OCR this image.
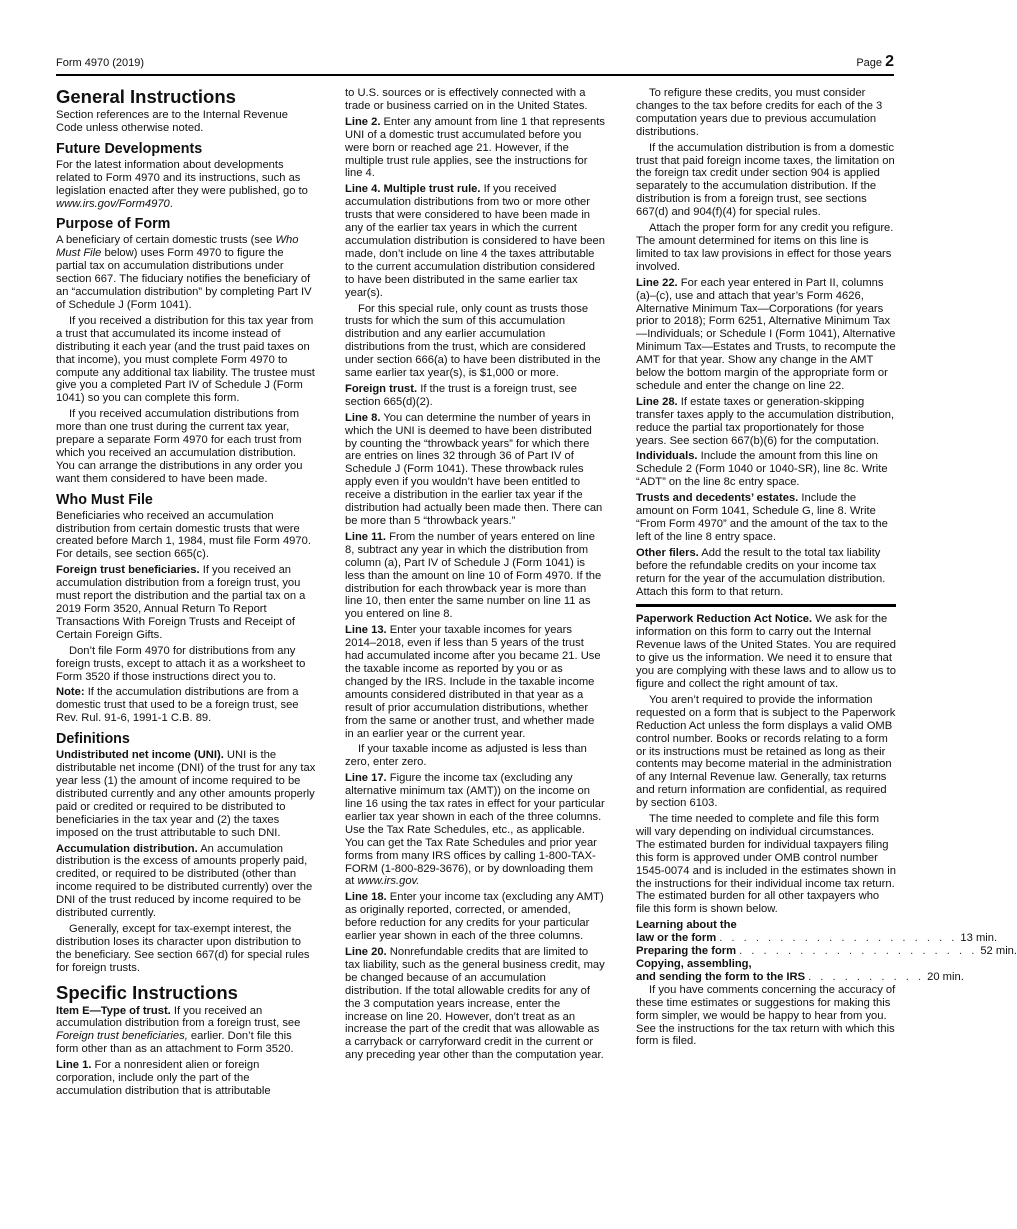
Form 4970 (2019)	Page 2
General Instructions

Section references are to the Internal Revenue Code unless otherwise noted.

Future Developments

For the latest information about developments related to Form 4970 and its instructions, such as legislation enacted after they were published, go to www.irs.gov/Form4970.

Purpose of Form

A beneficiary of certain domestic trusts (see Who Must File below) uses Form 4970 to figure the partial tax on accumulation distributions under section 667. The fiduciary notifies the beneficiary of an “accumulation distribution” by completing Part IV of Schedule J (Form 1041).

If you received a distribution for this tax year from a trust that accumulated its income instead of distributing it each year (and the trust paid taxes on that income), you must complete Form 4970 to compute any additional tax liability. The trustee must give you a completed Part IV of Schedule J (Form 1041) so you can complete this form.

If you received accumulation distributions from more than one trust during the current tax year, prepare a separate Form 4970 for each trust from which you received an accumulation distribution. You can arrange the distributions in any order you want them considered to have been made.

Who Must File

Beneficiaries who received an accumulation distribution from certain domestic trusts that were created before March 1, 1984, must file Form 4970. For details, see section 665(c).

Foreign trust beneficiaries. If you received an accumulation distribution from a foreign trust, you must report the distribution and the partial tax on a 2019 Form 3520, Annual Return To Report Transactions With Foreign Trusts and Receipt of Certain Foreign Gifts.

Don’t file Form 4970 for distributions from any foreign trusts, except to attach it as a worksheet to Form 3520 if those instructions direct you to.

Note: If the accumulation distributions are from a domestic trust that used to be a foreign trust, see Rev. Rul. 91-6, 1991-1 C.B. 89.

Definitions

Undistributed net income (UNI). UNI is the distributable net income (DNI) of the trust for any tax year less (1) the amount of income required to be distributed currently and any other amounts properly paid or credited or required to be distributed to beneficiaries in the tax year and (2) the taxes imposed on the trust attributable to such DNI.

Accumulation distribution. An accumulation distribution is the excess of amounts properly paid, credited, or required to be distributed (other than income required to be distributed currently) over the DNI of the trust reduced by income required to be distributed currently.

Generally, except for tax-exempt interest, the distribution loses its character upon distribution to the beneficiary. See section 667(d) for special rules for foreign trusts.

Specific Instructions

Item E—Type of trust. If you received an accumulation distribution from a foreign trust, see Foreign trust beneficiaries, earlier. Don’t file this form other than as an attachment to Form 3520.

Line 1. For a nonresident alien or foreign corporation, include only the part of the accumulation distribution that is attributable

to U.S. sources or is effectively connected with a trade or business carried on in the United States.

Line 2. Enter any amount from line 1 that represents UNI of a domestic trust accumulated before you were born or reached age 21. However, if the multiple trust rule applies, see the instructions for line 4.

Line 4. Multiple trust rule. If you received accumulation distributions from two or more other trusts that were considered to have been made in any of the earlier tax years in which the current accumulation distribution is considered to have been made, don’t include on line 4 the taxes attributable to the current accumulation distribution considered to have been distributed in the same earlier tax year(s).

For this special rule, only count as trusts those trusts for which the sum of this accumulation distribution and any earlier accumulation distributions from the trust, which are considered under section 666(a) to have been distributed in the same earlier tax year(s), is $1,000 or more.

Foreign trust. If the trust is a foreign trust, see section 665(d)(2).

Line 8. You can determine the number of years in which the UNI is deemed to have been distributed by counting the “throwback years” for which there are entries on lines 32 through 36 of Part IV of Schedule J (Form 1041). These throwback rules apply even if you wouldn’t have been entitled to receive a distribution in the earlier tax year if the distribution had actually been made then. There can be more than 5 “throwback years.”

Line 11. From the number of years entered on line 8, subtract any year in which the distribution from column (a), Part IV of Schedule J (Form 1041) is less than the amount on line 10 of Form 4970. If the distribution for each throwback year is more than line 10, then enter the same number on line 11 as you entered on line 8.

Line 13. Enter your taxable incomes for years 2014–2018, even if less than 5 years of the trust had accumulated income after you became 21. Use the taxable income as reported by you or as changed by the IRS. Include in the taxable income amounts considered distributed in that year as a result of prior accumulation distributions, whether from the same or another trust, and whether made in an earlier year or the current year.

If your taxable income as adjusted is less than zero, enter zero.

Line 17. Figure the income tax (excluding any alternative minimum tax (AMT)) on the income on line 16 using the tax rates in effect for your particular earlier tax year shown in each of the three columns. Use the Tax Rate Schedules, etc., as applicable. You can get the Tax Rate Schedules and prior year forms from many IRS offices by calling 1-800-TAX-FORM (1-800-829-3676), or by downloading them at www.irs.gov.

Line 18. Enter your income tax (excluding any AMT) as originally reported, corrected, or amended, before reduction for any credits for your particular earlier year shown in each of the three columns.

Line 20. Nonrefundable credits that are limited to tax liability, such as the general business credit, may be changed because of an accumulation distribution. If the total allowable credits for any of the 3 computation years increase, enter the increase on line 20. However, don’t treat as an increase the part of the credit that was allowable as a carryback or carryforward credit in the current or any preceding year other than the computation year.

To refigure these credits, you must consider changes to the tax before credits for each of the 3 computation years due to previous accumulation distributions.

If the accumulation distribution is from a domestic trust that paid foreign income taxes, the limitation on the foreign tax credit under section 904 is applied separately to the accumulation distribution. If the distribution is from a foreign trust, see sections 667(d) and 904(f)(4) for special rules.

Attach the proper form for any credit you refigure. The amount determined for items on this line is limited to tax law provisions in effect for those years involved.

Line 22. For each year entered in Part II, columns (a)–(c), use and attach that year’s Form 4626, Alternative Minimum Tax—Corporations (for years prior to 2018); Form 6251, Alternative Minimum Tax—Individuals; or Schedule I (Form 1041), Alternative Minimum Tax—Estates and Trusts, to recompute the AMT for that year. Show any change in the AMT below the bottom margin of the appropriate form or schedule and enter the change on line 22.

Line 28. If estate taxes or generation-skipping transfer taxes apply to the accumulation distribution, reduce the partial tax proportionately for those years. See section 667(b)(6) for the computation.

Individuals. Include the amount from this line on Schedule 2 (Form 1040 or 1040-SR), line 8c. Write “ADT” on the line 8c entry space.

Trusts and decedents’ estates. Include the amount on Form 1041, Schedule G, line 8. Write “From Form 4970” and the amount of the tax to the left of the line 8 entry space.

Other filers. Add the result to the total tax liability before the refundable credits on your income tax return for the year of the accumulation distribution. Attach this form to that return.

Paperwork Reduction Act Notice. We ask for the information on this form to carry out the Internal Revenue laws of the United States. You are required to give us the information. We need it to ensure that you are complying with these laws and to allow us to figure and collect the right amount of tax.

You aren’t required to provide the information requested on a form that is subject to the Paperwork Reduction Act unless the form displays a valid OMB control number. Books or records relating to a form or its instructions must be retained as long as their contents may become material in the administration of any Internal Revenue law. Generally, tax returns and return information are confidential, as required by section 6103.

The time needed to complete and file this form will vary depending on individual circumstances. The estimated burden for individual taxpayers filing this form is approved under OMB control number 1545-0074 and is included in the estimates shown in the instructions for their individual income tax return. The estimated burden for all other taxpayers who file this form is shown below.

Learning about the
law or the form . . . . . . . . . . . . . . . . . . . . 13 min.
Preparing the form . . . . . . . . . . . . . . . . . . . . 52 min.
Copying, assembling,
and sending the form to the IRS . . . . . . . . . . 20 min.

If you have comments concerning the accuracy of these time estimates or suggestions for making this form simpler, we would be happy to hear from you. See the instructions for the tax return with which this form is filed.
